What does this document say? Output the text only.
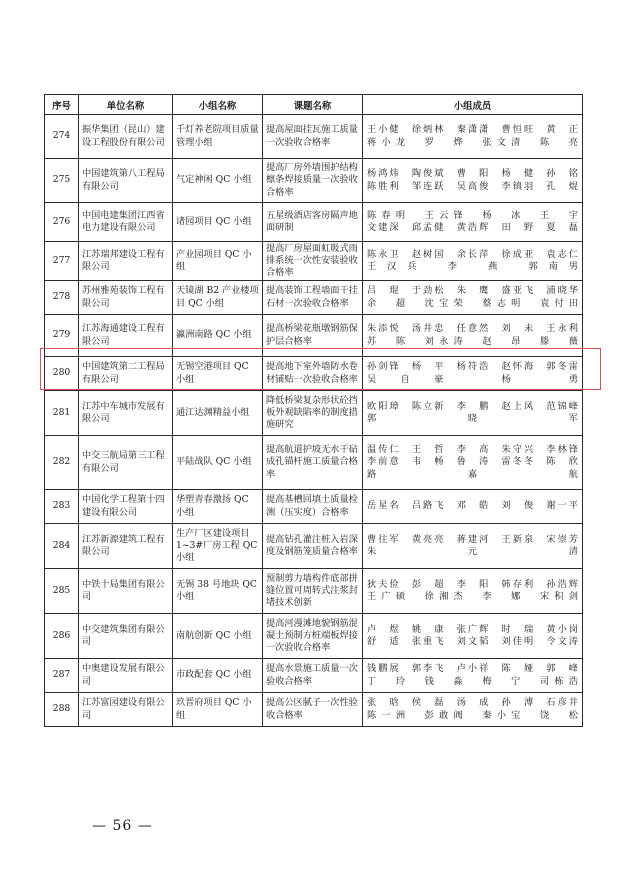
序号	单位名称	小组名称	课题名称	小组成员
274	振华集团（昆山）建设工程股份有限公司	千灯养老院项目质量管理小组	提高屋面挂瓦施工质量一次验收合格率	王小健　徐炳林　秦潇潇　曹恒旺　黄　正
蒋小龙　罗　烨　张文清　陈　亮

275	中国建筑第八工程局有限公司	气定神闲 QC 小组	提高厂房外墙围护结构檩条焊接质量一次验收合格率	杨鸿炜　陶俊斌　曹　阳　杨　健　孙　铭
陈胜利　邹连跃　吴高俊　李镇羽　孔　焜

276	中国电建集团江西省电力建设有限公司	诸园项目 QC 小组	五星级酒店客房隔声地面研制	陈春明　王云锋　杨　冰　王　宇
文建深　邱孟健　黄浩辉　田　野　夏　磊

277	江苏瑞邦建设工程有限公司	产业园项目 QC 小组	提高厂房屋面虹吸式雨排系统一次性安装验收合格率	陈永卫　赵树国　余长萍　徐成亚　袁志仁
王汉兵　李　燕　郭南男

278	苏州雅苑装饰工程有限公司	天镜湖 B2 产业楼项目 QC 小组	提高装饰工程墙面干挂石材一次验收合格率	吕　琨　于劲松　朱　鹰　盛亚飞　浦晓华
余　超　沈宝荣　蔡志明　袁付田

279	江苏海通建设工程有限公司	瀛洲南路 QC 小组	提高桥梁花瓶墩钢筋保护层合格率	朱添悦　汤井忠　任意然　刘　未　王永利
苏　陈　刘永涛　赵　昂　滕　薇

280	中国建筑第二工程局有限公司	无锡空港项目 QC 小组	提高地下室外墙防水卷材铺贴一次验收合格率	孙剑锋　杨　平　杨符浩　赵怀海　郭冬雷
吴自豪　杨　勇

281	江苏中车城市发展有限公司	通江达渊精益小组	降低桥梁复杂形状砼挡板外观缺陷率的制度措施研究	欧阳璋　陈立新　李　鹏　赵上风　范锦峰
郭晓军

282	中交三航局第三工程有限公司	平陆战队 QC 小组	提高航道护坡无水干砧成孔锚杆施工质量合格率	温传仁　王　哲　李　高　朱守兴　李林锋
李前意　韦　畅　鲁　涛　雷冬冬　陈　欣
路嘉航

283	中国化学工程第十四建设有限公司	华塑青春激扬 QC 小组	提高基槽回填土质量检测（压实度）合格率	岳星名　吕路飞　邓　皓　刘　俊　谢一平

284	江苏新源建筑工程有限公司	生产厂区建设项目 1~3#厂房工程 QC 小组	提高钻孔灌注桩入岩深度及钢筋笼质量合格率	曹往军　黄亮亮　蒋建河　王新泉　宋崇芳
朱元清

285	中铁十局集团有限公司	无锡 38 号地块 QC 小组	预制剪力墙构件底部拼缝位置可周转式注浆封堵技术创新	狄夫俭　彭　超　李　阳　韩存利　孙浩辉
王广硕　徐湘杰　李　娜　宋积剑

286	中交建筑集团有限公司	南航创新 QC 小组	提高河漫滩地貌钢筋混凝土预制方桩端板焊接一次验收合格率	卢　煜　姚　康　张广辉　时　瑞　黄小岗
舒　适　张重飞　刘文韬　刘佳明　令文涛

287	中奥建设发展有限公司	市政配套 QC 小组	提高水景施工质量一次验收合格率	钱鹏展　郭李飞　卢小祥　陈　娅　郭　峰
丁　玲　钱　淼　梅　宁　司栋浩

288	江苏富园建设有限公司	玖晋府项目 QC 小组	提高公区腻子一次性验收合格率	张　晗　侯　磊　汤　成　孙　溥　石彦井
陈一洲　彭敢阀　秦小宝　饶　松
— 56 —
